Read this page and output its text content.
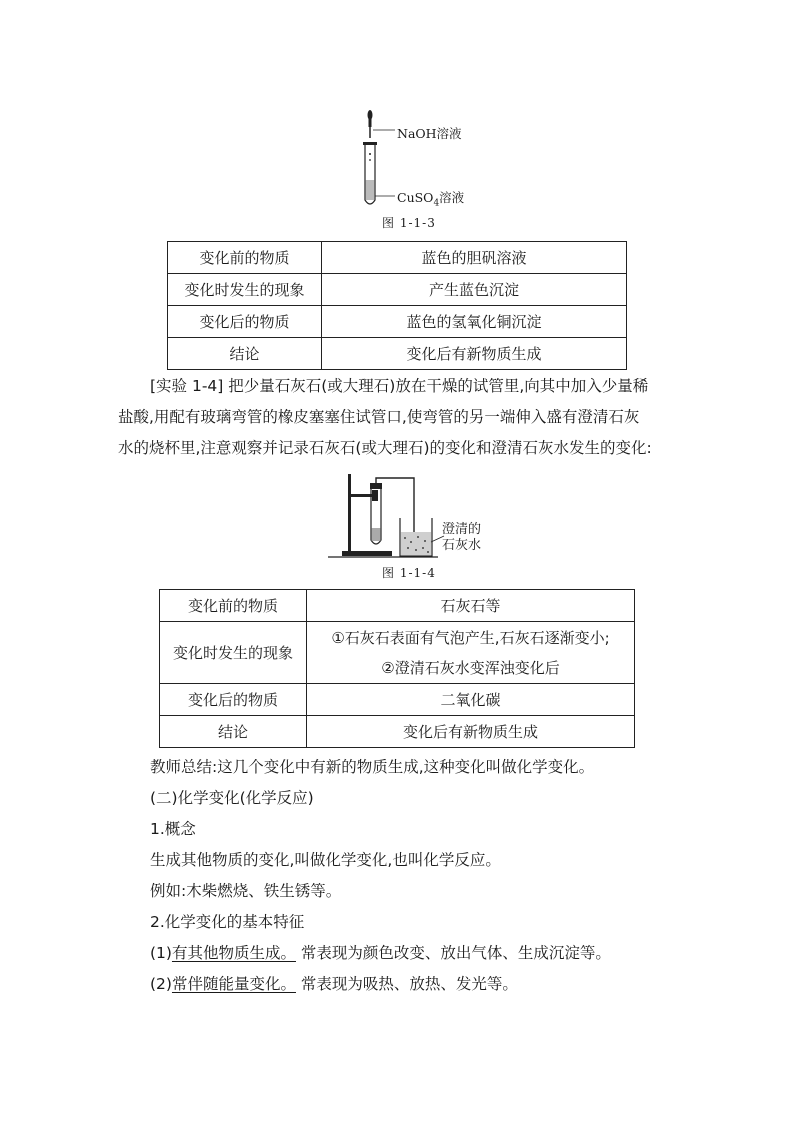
NaOH溶液
CuSO$_4$溶液
图 1-1-3
变化前的物质	蓝色的胆矾溶液
变化时发生的现象	产生蓝色沉淀
变化后的物质	蓝色的氢氧化铜沉淀
结论	变化后有新物质生成
[实验 1-4] 把少量石灰石(或大理石)放在干燥的试管里,向其中加入少量稀
盐酸,用配有玻璃弯管的橡皮塞塞住试管口,使弯管的另一端伸入盛有澄清石灰
水的烧杯里,注意观察并记录石灰石(或大理石)的变化和澄清石灰水发生的变化:
澄清的
石灰水
图 1-1-4
变化前的物质	石灰石等
变化时发生的现象	①石灰石表面有气泡产生,石灰石逐渐变小;
②澄清石灰水变浑浊变化后

变化后的物质	二氧化碳
结论	变化后有新物质生成
教师总结:这几个变化中有新的物质生成,这种变化叫做化学变化。
(二)化学变化(化学反应)
1.概念
生成其他物质的变化,叫做化学变化,也叫化学反应。
例如:木柴燃烧、铁生锈等。
2.化学变化的基本特征
(1)有其他物质生成。 常表现为颜色改变、放出气体、生成沉淀等。
(2)常伴随能量变化。 常表现为吸热、放热、发光等。
